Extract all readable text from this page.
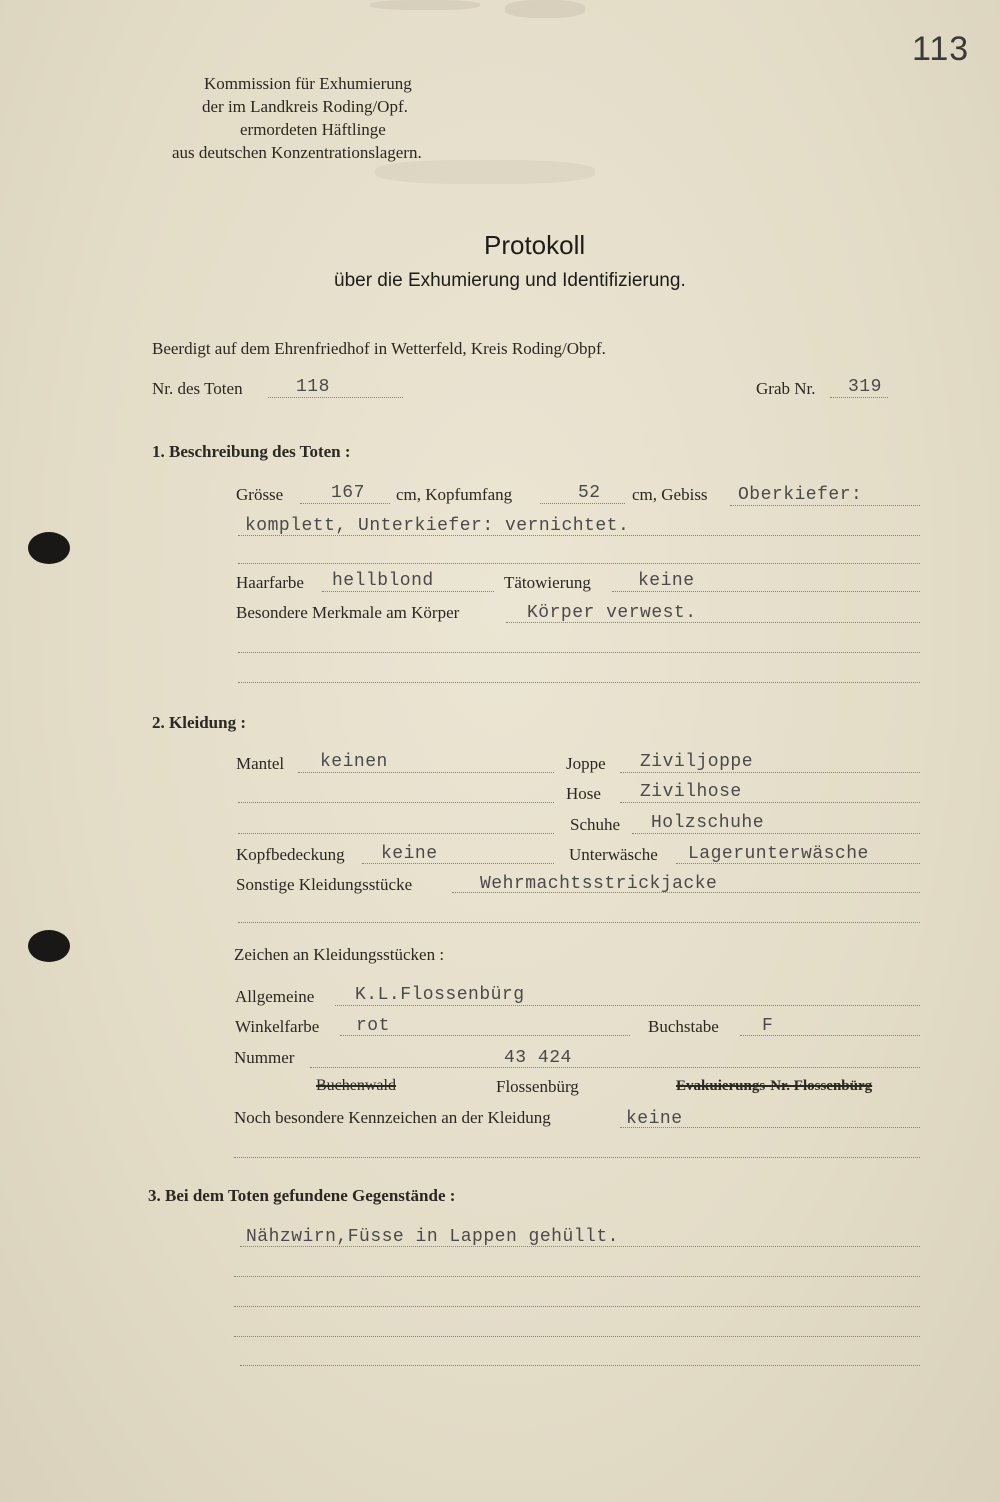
113
Kommission für Exhumierung
der im Landkreis Roding/Opf.
ermordeten Häftlinge
aus deutschen Konzentrationslagern.
Protokoll
über die Exhumierung und Identifizierung.
Beerdigt auf dem Ehrenfriedhof in Wetterfeld, Kreis Roding/Obpf.
Nr. des Toten	118	Grab Nr. 319
1. Beschreibung des Toten :
Grösse	167 cm, Kopfumfang	52 cm, Gebiss Oberkiefer:
komplett, Unterkiefer: vernichtet.
Haarfarbe hellblond	Tätowierung	keine
Besondere Merkmale am Körper	Körper verwest.
2. Kleidung :
Mantel keinen	Joppe Ziviljoppe
Hose Zivilhose
Schuhe Holzschuhe
Kopfbedeckung keine	Unterwäsche Lagerunterwäsche
Sonstige Kleidungsstücke	Wehrmachtsstrickjacke
Zeichen an Kleidungsstücken :
Allgemeine K.L.Flossenbürg
Winkelfarbe rot	Buchstabe F
Nummer	43 424
Buchenwald	Flossenbürg	Evakuierungs-Nr. Flossenbürg
Noch besondere Kennzeichen an der Kleidung	keine
3. Bei dem Toten gefundene Gegenstände :
Nähzwirn,Füsse in Lappen gehüllt.
